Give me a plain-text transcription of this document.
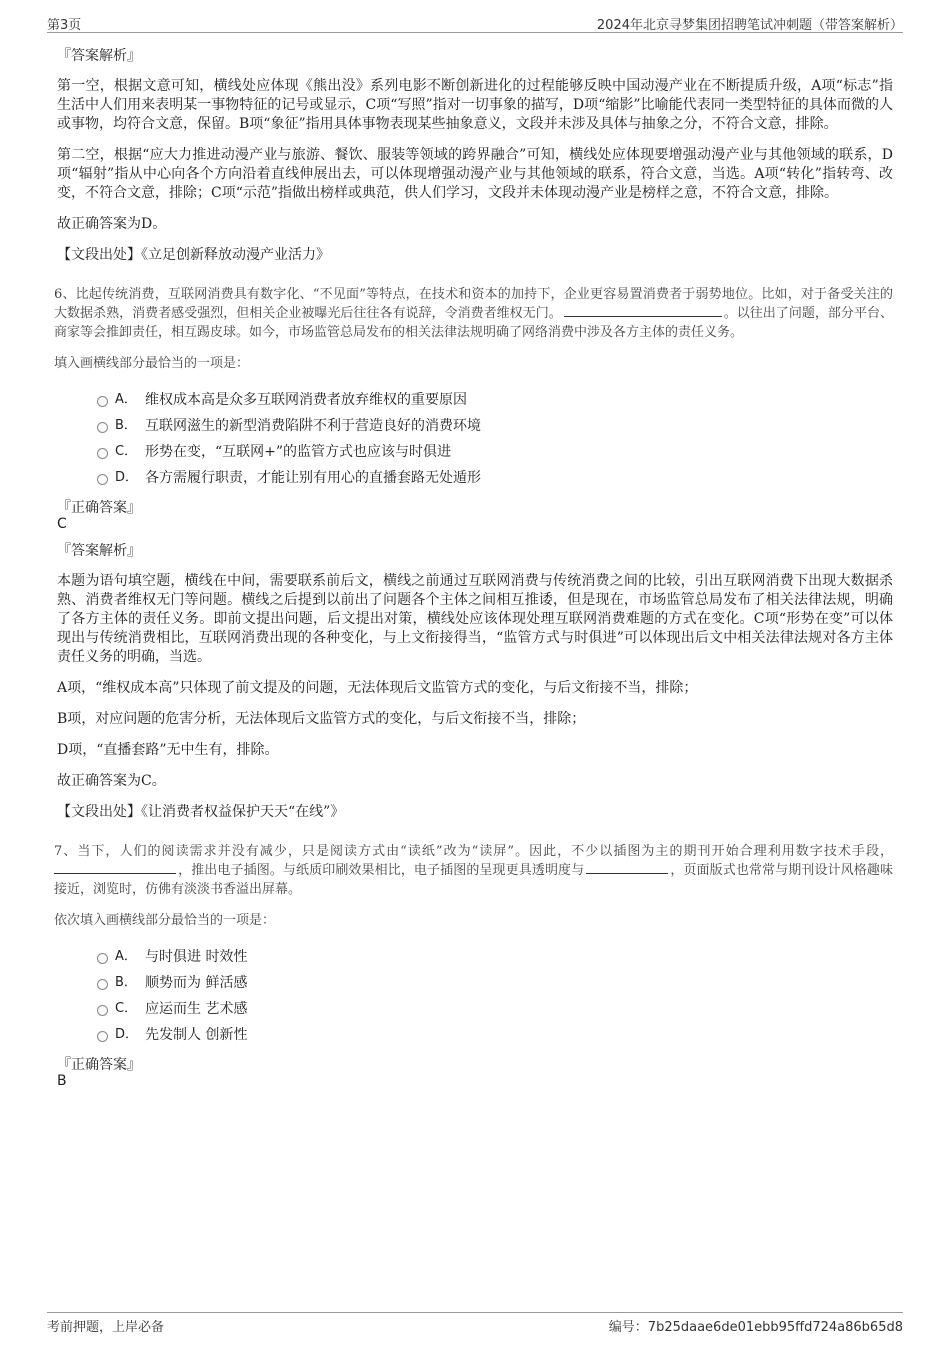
第3页	2024年北京寻梦集团招聘笔试冲刺题（带答案解析）
『答案解析』

第一空，根据文意可知，横线处应体现《熊出没》系列电影不断创新进化的过程能够反映中国动漫产业在不断提质升级，A项“标志”指生活中人们用来表明某一事物特征的记号或显示，C项“写照”指对一切事象的描写，D项“缩影”比喻能代表同一类型特征的具体而微的人或事物，均符合文意，保留。B项“象征”指用具体事物表现某些抽象意义，文段并未涉及具体与抽象之分，不符合文意，排除。

第二空，根据“应大力推进动漫产业与旅游、餐饮、服装等领域的跨界融合”可知，横线处应体现要增强动漫产业与其他领域的联系，D项“辐射”指从中心向各个方向沿着直线伸展出去，可以体现增强动漫产业与其他领域的联系，符合文意，当选。A项“转化”指转弯、改变，不符合文意，排除；C项“示范”指做出榜样或典范，供人们学习，文段并未体现动漫产业是榜样之意，不符合文意，排除。

故正确答案为D。

【文段出处】《立足创新释放动漫产业活力》

6、比起传统消费，互联网消费具有数字化、“不见面”等特点，在技术和资本的加持下，企业更容易置消费者于弱势地位。比如，对于备受关注的大数据杀熟，消费者感受强烈，但相关企业被曝光后往往各有说辞，令消费者维权无门。	。以往出了问题，部分平台、商家等会推卸责任，相互踢皮球。如今，市场监管总局发布的相关法律法规明确了网络消费中涉及各方主体的责任义务。

填入画横线部分最恰当的一项是：

A． 维权成本高是众多互联网消费者放弃维权的重要原因
B． 互联网滋生的新型消费陷阱不利于营造良好的消费环境
C． 形势在变，“互联网+”的监管方式也应该与时俱进
D． 各方需履行职责，才能让别有用心的直播套路无处遁形
『正确答案』
C
『答案解析』

本题为语句填空题，横线在中间，需要联系前后文，横线之前通过互联网消费与传统消费之间的比较，引出互联网消费下出现大数据杀熟、消费者维权无门等问题。横线之后提到以前出了问题各个主体之间相互推诿，但是现在，市场监管总局发布了相关法律法规，明确了各方主体的责任义务。即前文提出问题，后文提出对策，横线处应该体现处理互联网消费难题的方式在变化。C项“形势在变”可以体现出与传统消费相比，互联网消费出现的各种变化，与上文衔接得当，“监管方式与时俱进”可以体现出后文中相关法律法规对各方主体责任义务的明确，当选。

A项，“维权成本高”只体现了前文提及的问题，无法体现后文监管方式的变化，与后文衔接不当，排除；

B项，对应问题的危害分析，无法体现后文监管方式的变化，与后文衔接不当，排除；

D项，“直播套路”无中生有，排除。

故正确答案为C。

【文段出处】《让消费者权益保护天天“在线”》

7、当下，人们的阅读需求并没有减少，只是阅读方式由“读纸”改为“读屏”。因此，不少以插图为主的期刊开始合理利用数字技术手段，，推出电子插图。与纸质印刷效果相比，电子插图的呈现更具透明度与	，页面版式也常常与期刊设计风格趣味接近，浏览时，仿佛有淡淡书香溢出屏幕。

依次填入画横线部分最恰当的一项是：

A． 与时俱进 时效性
B． 顺势而为 鲜活感
C． 应运而生 艺术感
D． 先发制人 创新性
『正确答案』
B
考前押题，上岸必备	编号：7b25daae6de01ebb95ffd724a86b65d8
